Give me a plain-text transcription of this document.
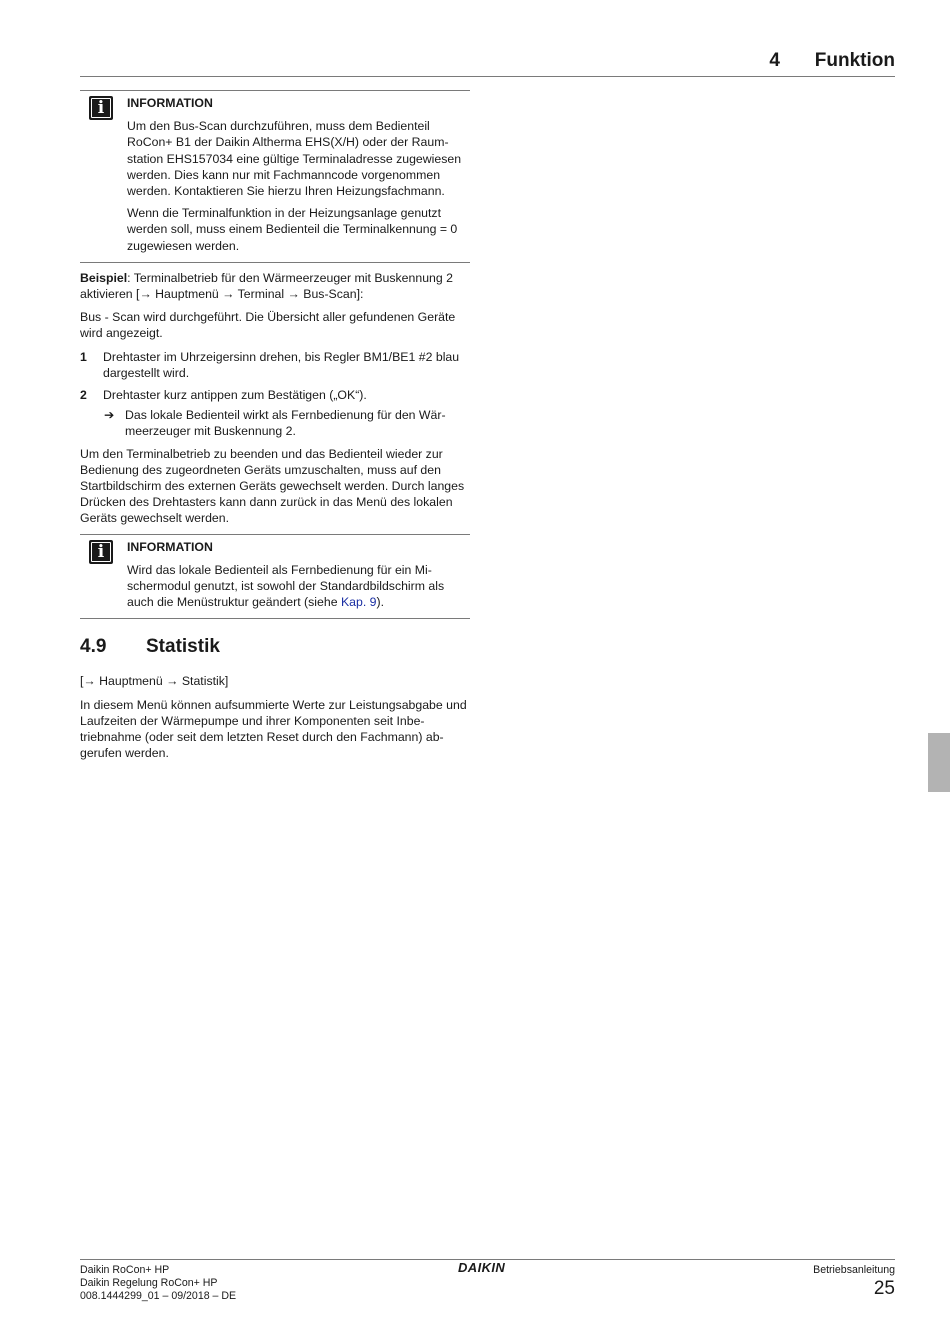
4 Funktion
i
INFORMATION

Um den Bus-Scan durchzuführen, muss dem Bedienteil RoCon+ B1 der Daikin Altherma EHS(X/H) oder der Raumstation EHS157034 eine gültige Terminaladresse zugewiesen werden. Dies kann nur mit Fachmanncode vorgenommen werden. Kontaktieren Sie hierzu Ihren Heizungsfachmann.

Wenn die Terminalfunktion in der Heizungsanlage genutzt werden soll, muss einem Bedienteil die Terminalkennung = 0 zugewiesen werden.

Beispiel: Terminalbetrieb für den Wärmeerzeuger mit Buskennung 2 aktivieren [→ Hauptmenü → Terminal → Bus-Scan]:

Bus - Scan wird durchgeführt. Die Übersicht aller gefundenen Geräte wird angezeigt.

1 Drehtaster im Uhrzeigersinn drehen, bis Regler BM1/BE1 #2 blau dargestellt wird.
2 Drehtaster kurz antippen zum Bestätigen („OK“).
➔ Das lokale Bedienteil wirkt als Fernbedienung für den Wärmeerzeuger mit Buskennung 2.

Um den Terminalbetrieb zu beenden und das Bedienteil wieder zur Bedienung des zugeordneten Geräts umzuschalten, muss auf den Startbildschirm des externen Geräts gewechselt werden. Durch langes Drücken des Drehtasters kann dann zurück in das Menü des lokalen Geräts gewechselt werden.

i
INFORMATION

Wird das lokale Bedienteil als Fernbedienung für ein Mischermodul genutzt, ist sowohl der Standardbildschirm als auch die Menüstruktur geändert (siehe Kap. 9).

4.9 Statistik

[→ Hauptmenü → Statistik]

In diesem Menü können aufsummierte Werte zur Leistungsabgabe und Laufzeiten der Wärmepumpe und ihrer Komponenten seit Inbetriebnahme (oder seit dem letzten Reset durch den Fachmann) abgerufen werden.

Daikin RoCon+ HP
Daikin Regelung RoCon+ HP
008.1444299_01 – 09/2018 – DE
DAIKIN	Betriebsanleitung
25
